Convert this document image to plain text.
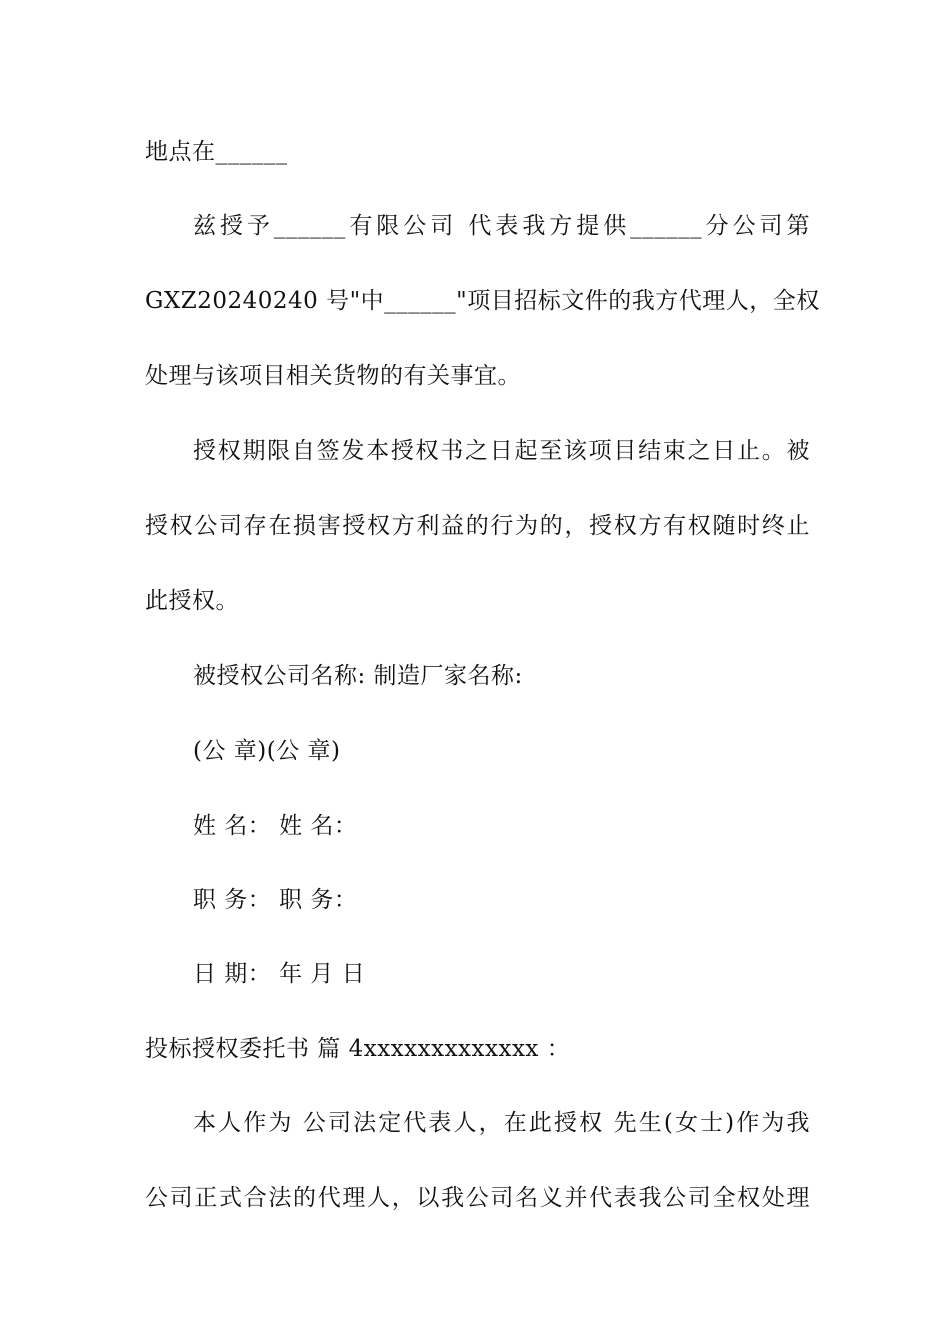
地点在______
兹授予______有限公司 代表我方提供______分公司第
GXZ20240240 号"中______"项目招标文件的我方代理人，全权
处理与该项目相关货物的有关事宜。
授权期限自签发本授权书之日起至该项目结束之日止。被
授权公司存在损害授权方利益的行为的，授权方有权随时终止
此授权。
被授权公司名称: 制造厂家名称:
(公 章)(公 章)
姓 名： 姓 名：
职 务： 职 务：
日 期： 年 月 日
投标授权委托书 篇 4xxxxxxxxxxxxx ：
本人作为 公司法定代表人，在此授权 先生(女士)作为我
公司正式合法的代理人，以我公司名义并代表我公司全权处理
